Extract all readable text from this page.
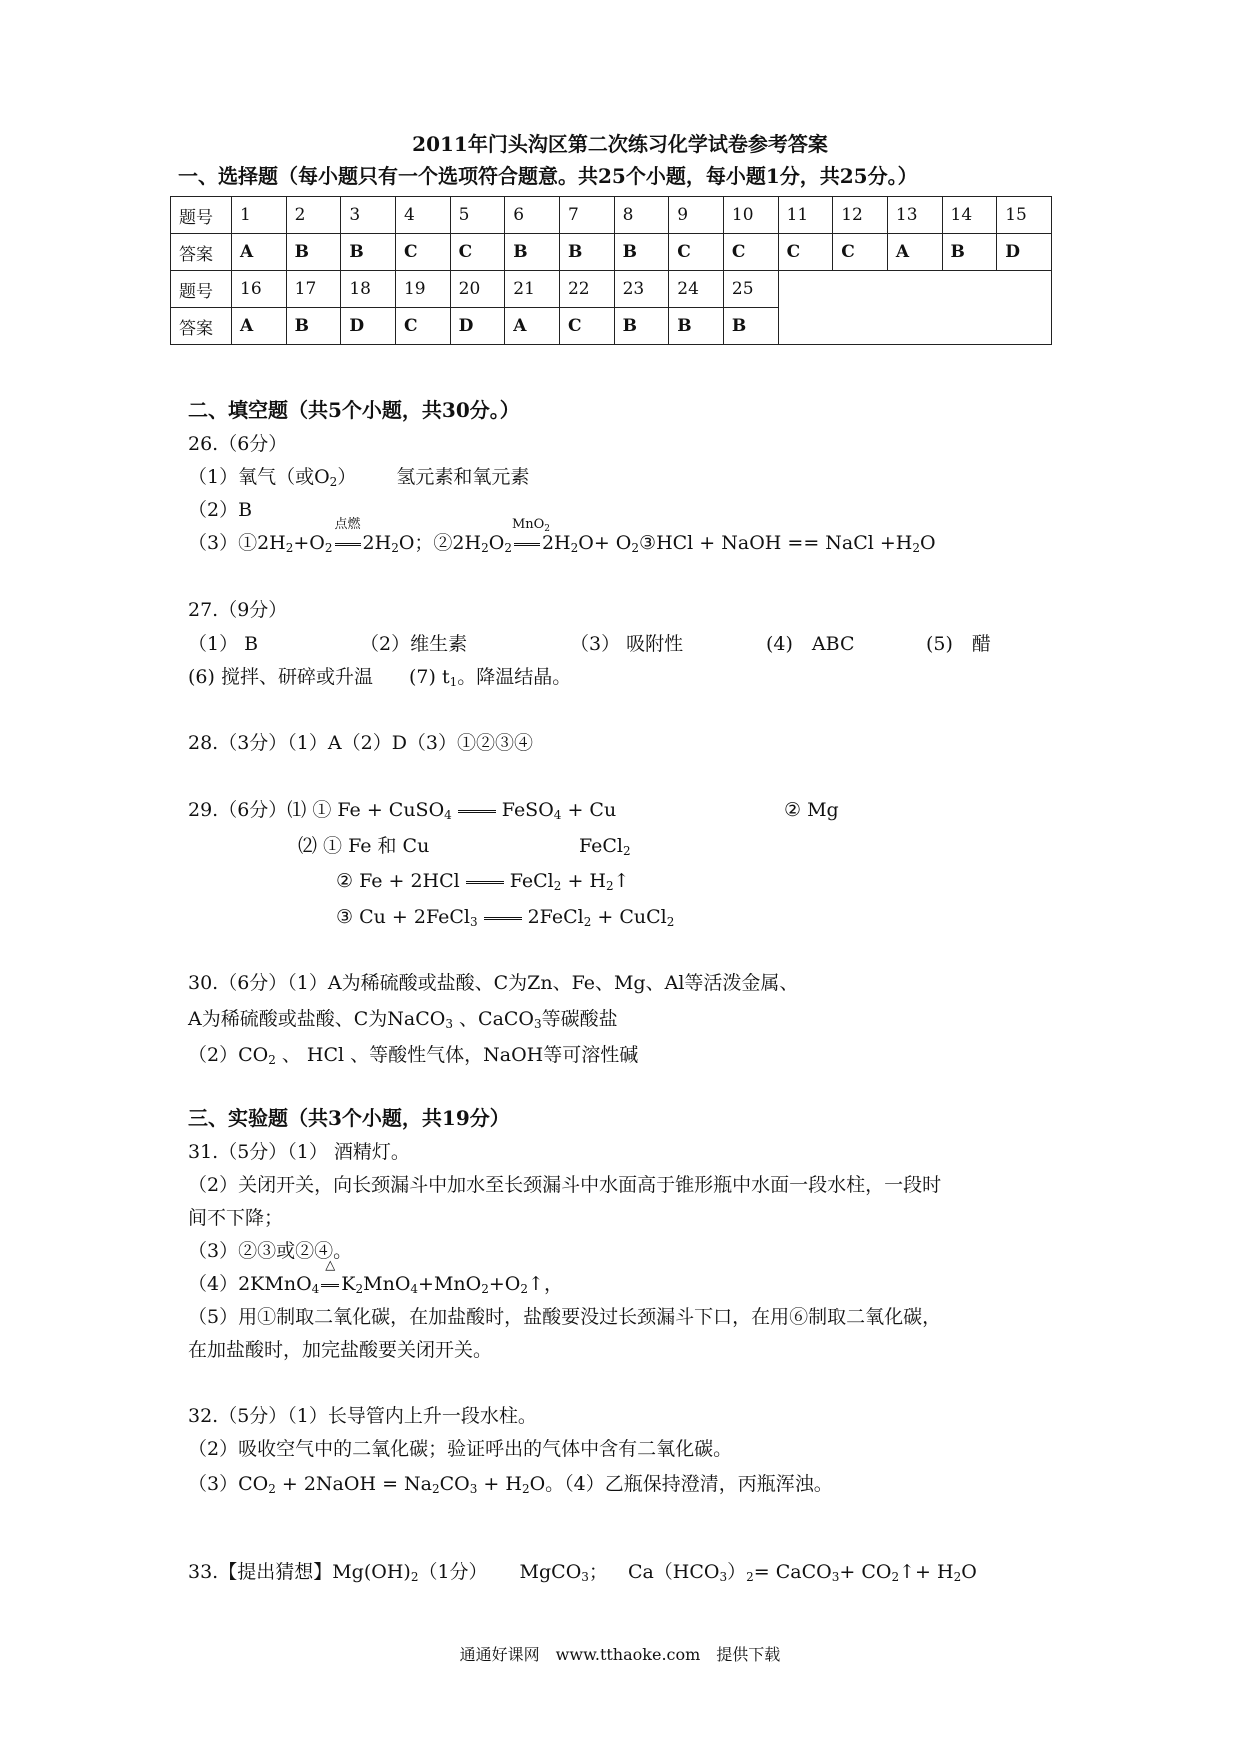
2011年门头沟区第二次练习化学试卷参考答案
一、选择题（每小题只有一个选项符合题意。共25个小题，每小题1分，共25分。）
题号	1	2	3	4	5	6	7	8	9	10	11	12	13	14	15
答案	A	B	B	C	C	B	B	B	C	C	C	C	A	B	D
题号	16	17	18	19	20	21	22	23	24	25					
答案	A	B	D	C	D	A	C	B	B	B					
二、填空题（共5个小题，共30分。）
26.（6分）
（1）氧气（或$O_2$） 氢元素和氧元素
（2）B
$(3)①2H_2+O_2$
点燃
$2H_2O$；$②2H_2O_2$
MnO$_2$
$2H_2O+$ $O_2③HCl$ + NaOH == NaCl $+H_2O$
27.（9分）
（1） B	（2）维生素	（3） 吸附性	(4)　ABC	(5)　醋
(6) 搅拌、研碎或升温 (7) $t_1$。降温结晶。
28.（3分）（1）A（2）D（3）①②③④
29.（6分）⑴ ① Fe + CuSO$_4$	FeSO$_4$ + Cu	② Mg
⑵ ① Fe 和 Cu	FeCl$_2$
② Fe + 2HCl	FeCl$_2$ + $H_2↑$
③ Cu + 2FeCl$_3$	2FeCl$_2$ + CuCl$_2$
30.（6分）（1）A为稀硫酸或盐酸、C为Zn、Fe、Mg、Al等活泼金属、
A为稀硫酸或盐酸、C为NaCO$_3$ 、CaCO$_3$等碳酸盐
$(2)CO_2$ 、 HCl 、等酸性气体，NaOH等可溶性碱
三、实验题（共3个小题，共19分）
31.（5分）（1） 酒精灯。
（2）关闭开关，向长颈漏斗中加水至长颈漏斗中水面高于锥形瓶中水面一段水柱，一段时
间不下降；
（3）②③或②④。
（4）2KMnO$_4$
△
$K_2MnO_4+MnO_2+O_2↑$，
（5）用①制取二氧化碳，在加盐酸时，盐酸要没过长颈漏斗下口，在用⑥制取二氧化碳，
在加盐酸时，加完盐酸要关闭开关。
32.（5分）（1）长导管内上升一段水柱。
（2）吸收空气中的二氧化碳；验证呼出的气体中含有二氧化碳。
$(3)CO_2$ + 2NaOH = $Na_2CO_3 + H_2O$。（4）乙瓶保持澄清，丙瓶浑浊。
33.【提出猜想】$Mg(OH)_2(1$分） MgCO$_3$； $Ca(HCO_3)_2=$ CaCO$_3$+ $CO_2↑+ H_2O$
通通好课网　www.tthaoke.com　提供下载
